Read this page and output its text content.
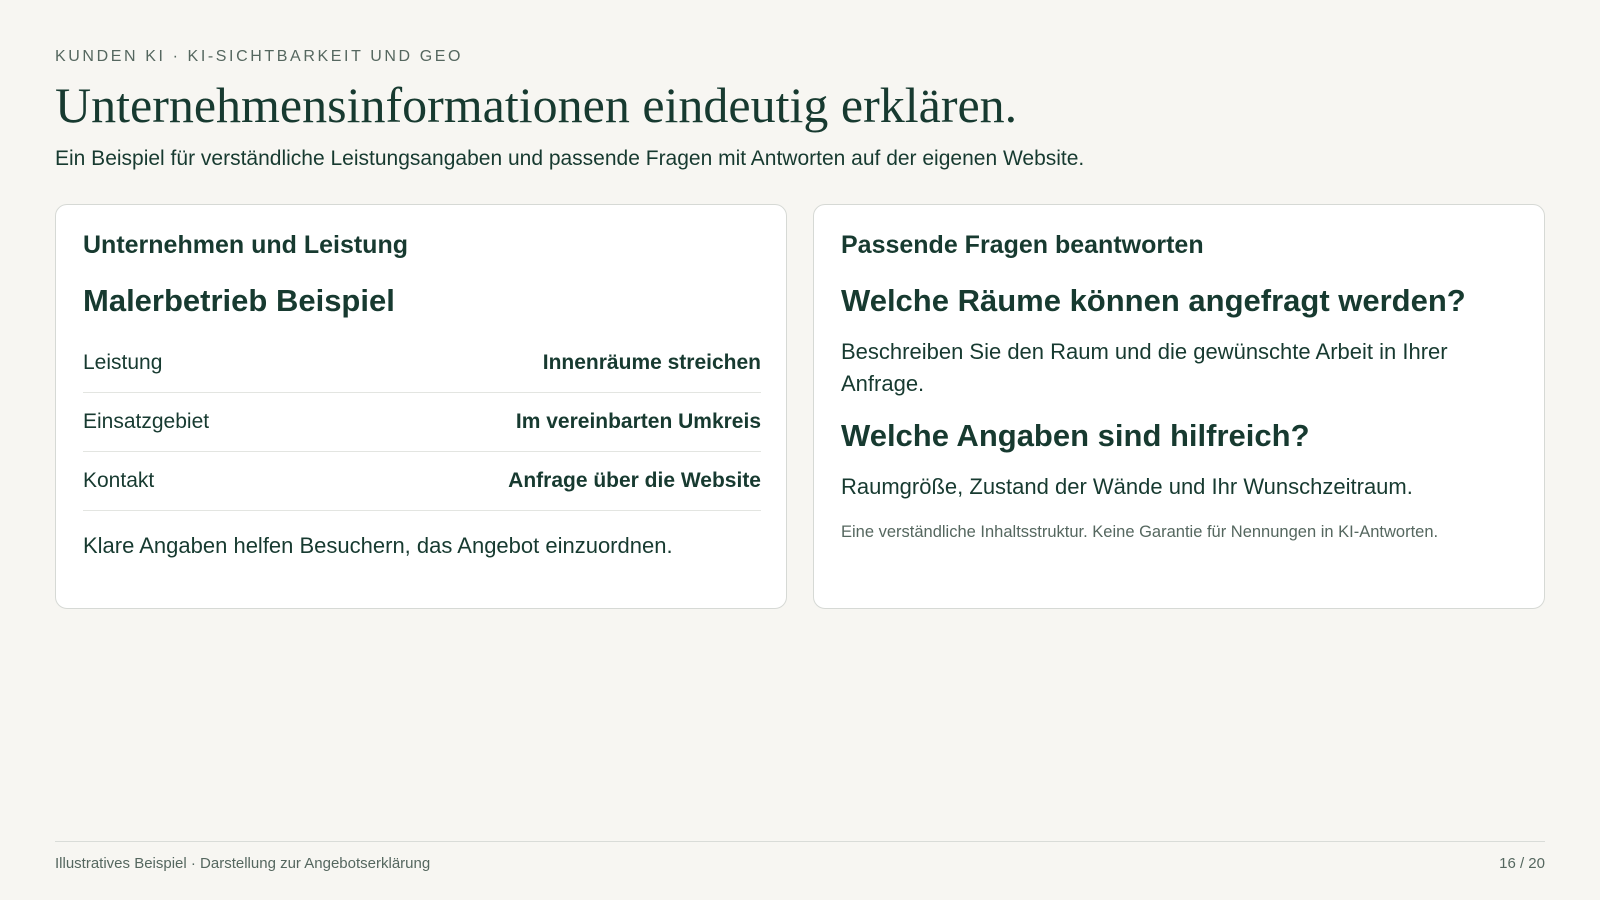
KUNDEN KI · KI-SICHTBARKEIT UND GEO
Unternehmensinformationen eindeutig erklären.

Ein Beispiel für verständliche Leistungsangaben und passende Fragen mit Antworten auf der eigenen Website.

Unternehmen und Leistung
Malerbetrieb Beispiel
Leistung	Innenräume streichen
Einsatzgebiet	Im vereinbarten Umkreis
Kontakt	Anfrage über die Website
Klare Angaben helfen Besuchern, das Angebot einzuordnen.
Passende Fragen beantworten
Welche Räume können angefragt werden?
Beschreiben Sie den Raum und die gewünschte Arbeit in Ihrer Anfrage.
Welche Angaben sind hilfreich?
Raumgröße, Zustand der Wände und Ihr Wunschzeitraum.
Eine verständliche Inhaltsstruktur. Keine Garantie für Nennungen in KI-Antworten.
Illustratives Beispiel · Darstellung zur Angebotserklärung	16 / 20
